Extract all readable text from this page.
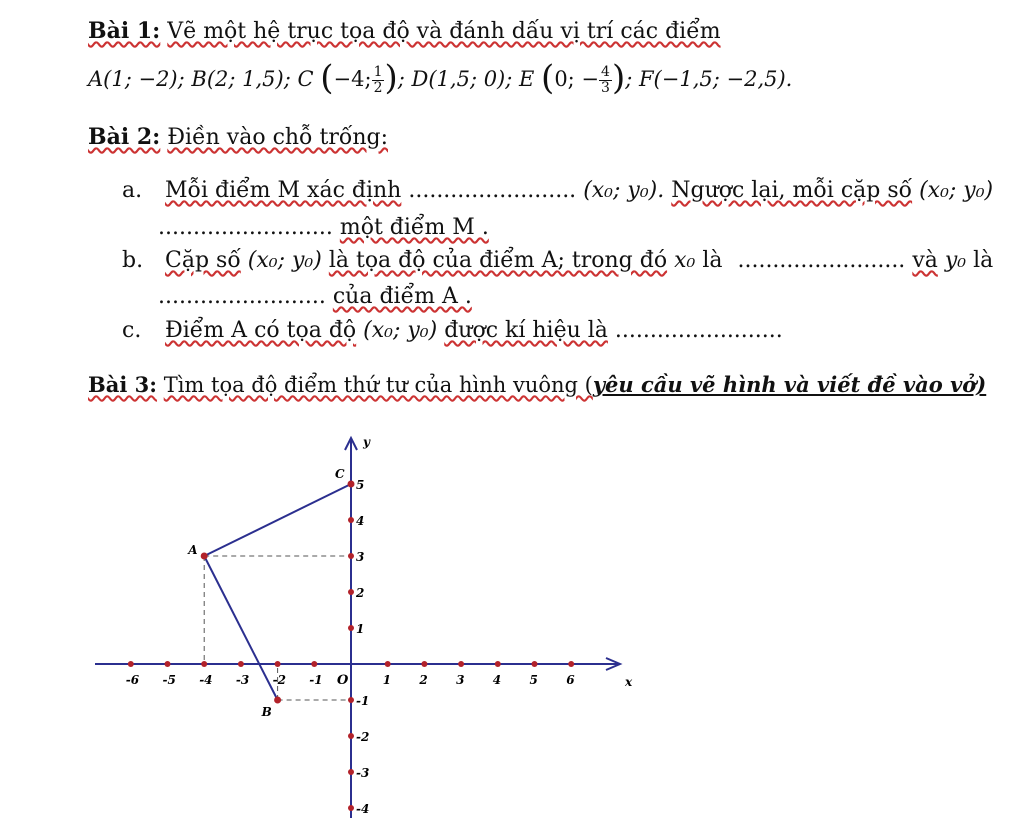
Bài 1: Vẽ một hệ trục tọa độ và đánh dấu vị trí các điểm
A(1; −2); B(2; 1,5); C (−4; $\frac{1}{2}$ ); D(1,5; 0); E (0; − $\frac{4}{3}$ ); F(−1,5; −2,5).
Bài 2: Điền vào chỗ trống:
a. Mỗi điểm M xác định ........................ (x₀; y₀). Ngược lại, mỗi cặp số (x₀; y₀)
......................... một điểm M .
b. Cặp số (x₀; y₀) là tọa độ của điểm A; trong đó x₀ là ........................ và y₀ là
........................ của điểm A .
c. Điểm A có tọa độ (x₀; y₀) được kí hiệu là ........................
Bài 3: Tìm tọa độ điểm thứ tư của hình vuông (yêu cầu vẽ hình và viết đề vào vở)
x
y
O
-6 -5 -4 -3 -2 -1	1 2 3 4 5 6
-4
-3
-2
-1
1
2
3
4
5
A
B
C
